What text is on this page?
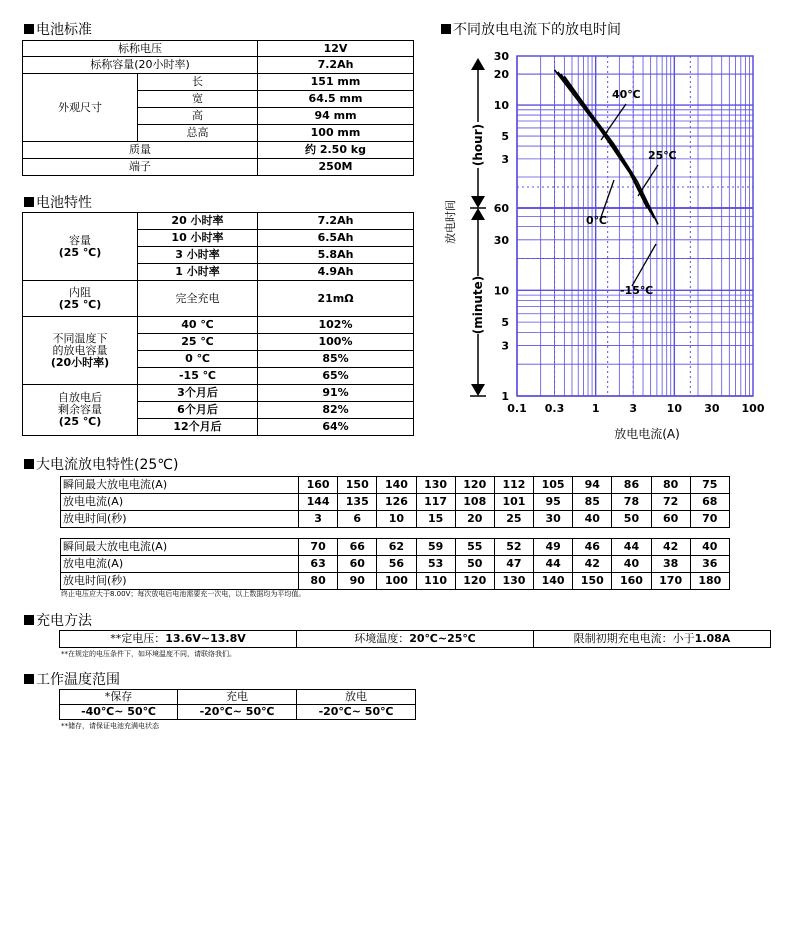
电池标准
标称电压		12V
标称容量(20小时率)		7.2Ah
外观尺寸	长	151 mm
	宽	64.5 mm
	高	94 mm
	总高	100 mm
质量		约 2.50 kg
端子		250M
电池特性
容量
(25 ℃)	20 小时率	7.2Ah
	10 小时率	6.5Ah
	3 小时率	5.8Ah
	1 小时率	4.9Ah
内阻
(25 ℃)	完全充电	21mΩ
不同温度下
的放电容量
(20小时率)	40 ℃	102%
	25 ℃	100%
	0 ℃	85%
	-15 ℃	65%
自放电后
剩余容量
(25 ℃)	3个月后	91%
	6个月后	82%
	12个月后	64%
大电流放电特性(25℃)
瞬间最大放电电流(A)	160	150	140	130	120	112	105	94	86	80	75
放电电流(A)	144	135	126	117	108	101	95	85	78	72	68
放电时间(秒)	3	6	10	15	20	25	30	40	50	60	70
瞬间最大放电电流(A)	70	66	62	59	55	52	49	46	44	42	40
放电电流(A)	63	60	56	53	50	47	44	42	40	38	36
放电时间(秒)	80	90	100	110	120	130	140	150	160	170	180
终止电压应大于8.00V；每次放电后电池需要充一次电，以上数据均为平均值。
充电方法
**定电压：13.6V~13.8V	环境温度：20℃~25℃	限制初期充电电流：小于1.08A
**在规定的电压条件下，如环境温度不同，请联络我们。
工作温度范围
*保存	充电	放电
-40℃~ 50℃	-20℃~ 50℃	-20℃~ 50℃
**储存，请保证电池充满电状态
不同放电电流下的放电时间
0.1 0.3	1	3	10 30 100
30
20
10
5
3
60
30
10
5
3
1
(hour)
(minute)
放电时间
放电电流(A)
40℃
25℃
0℃
-15℃
